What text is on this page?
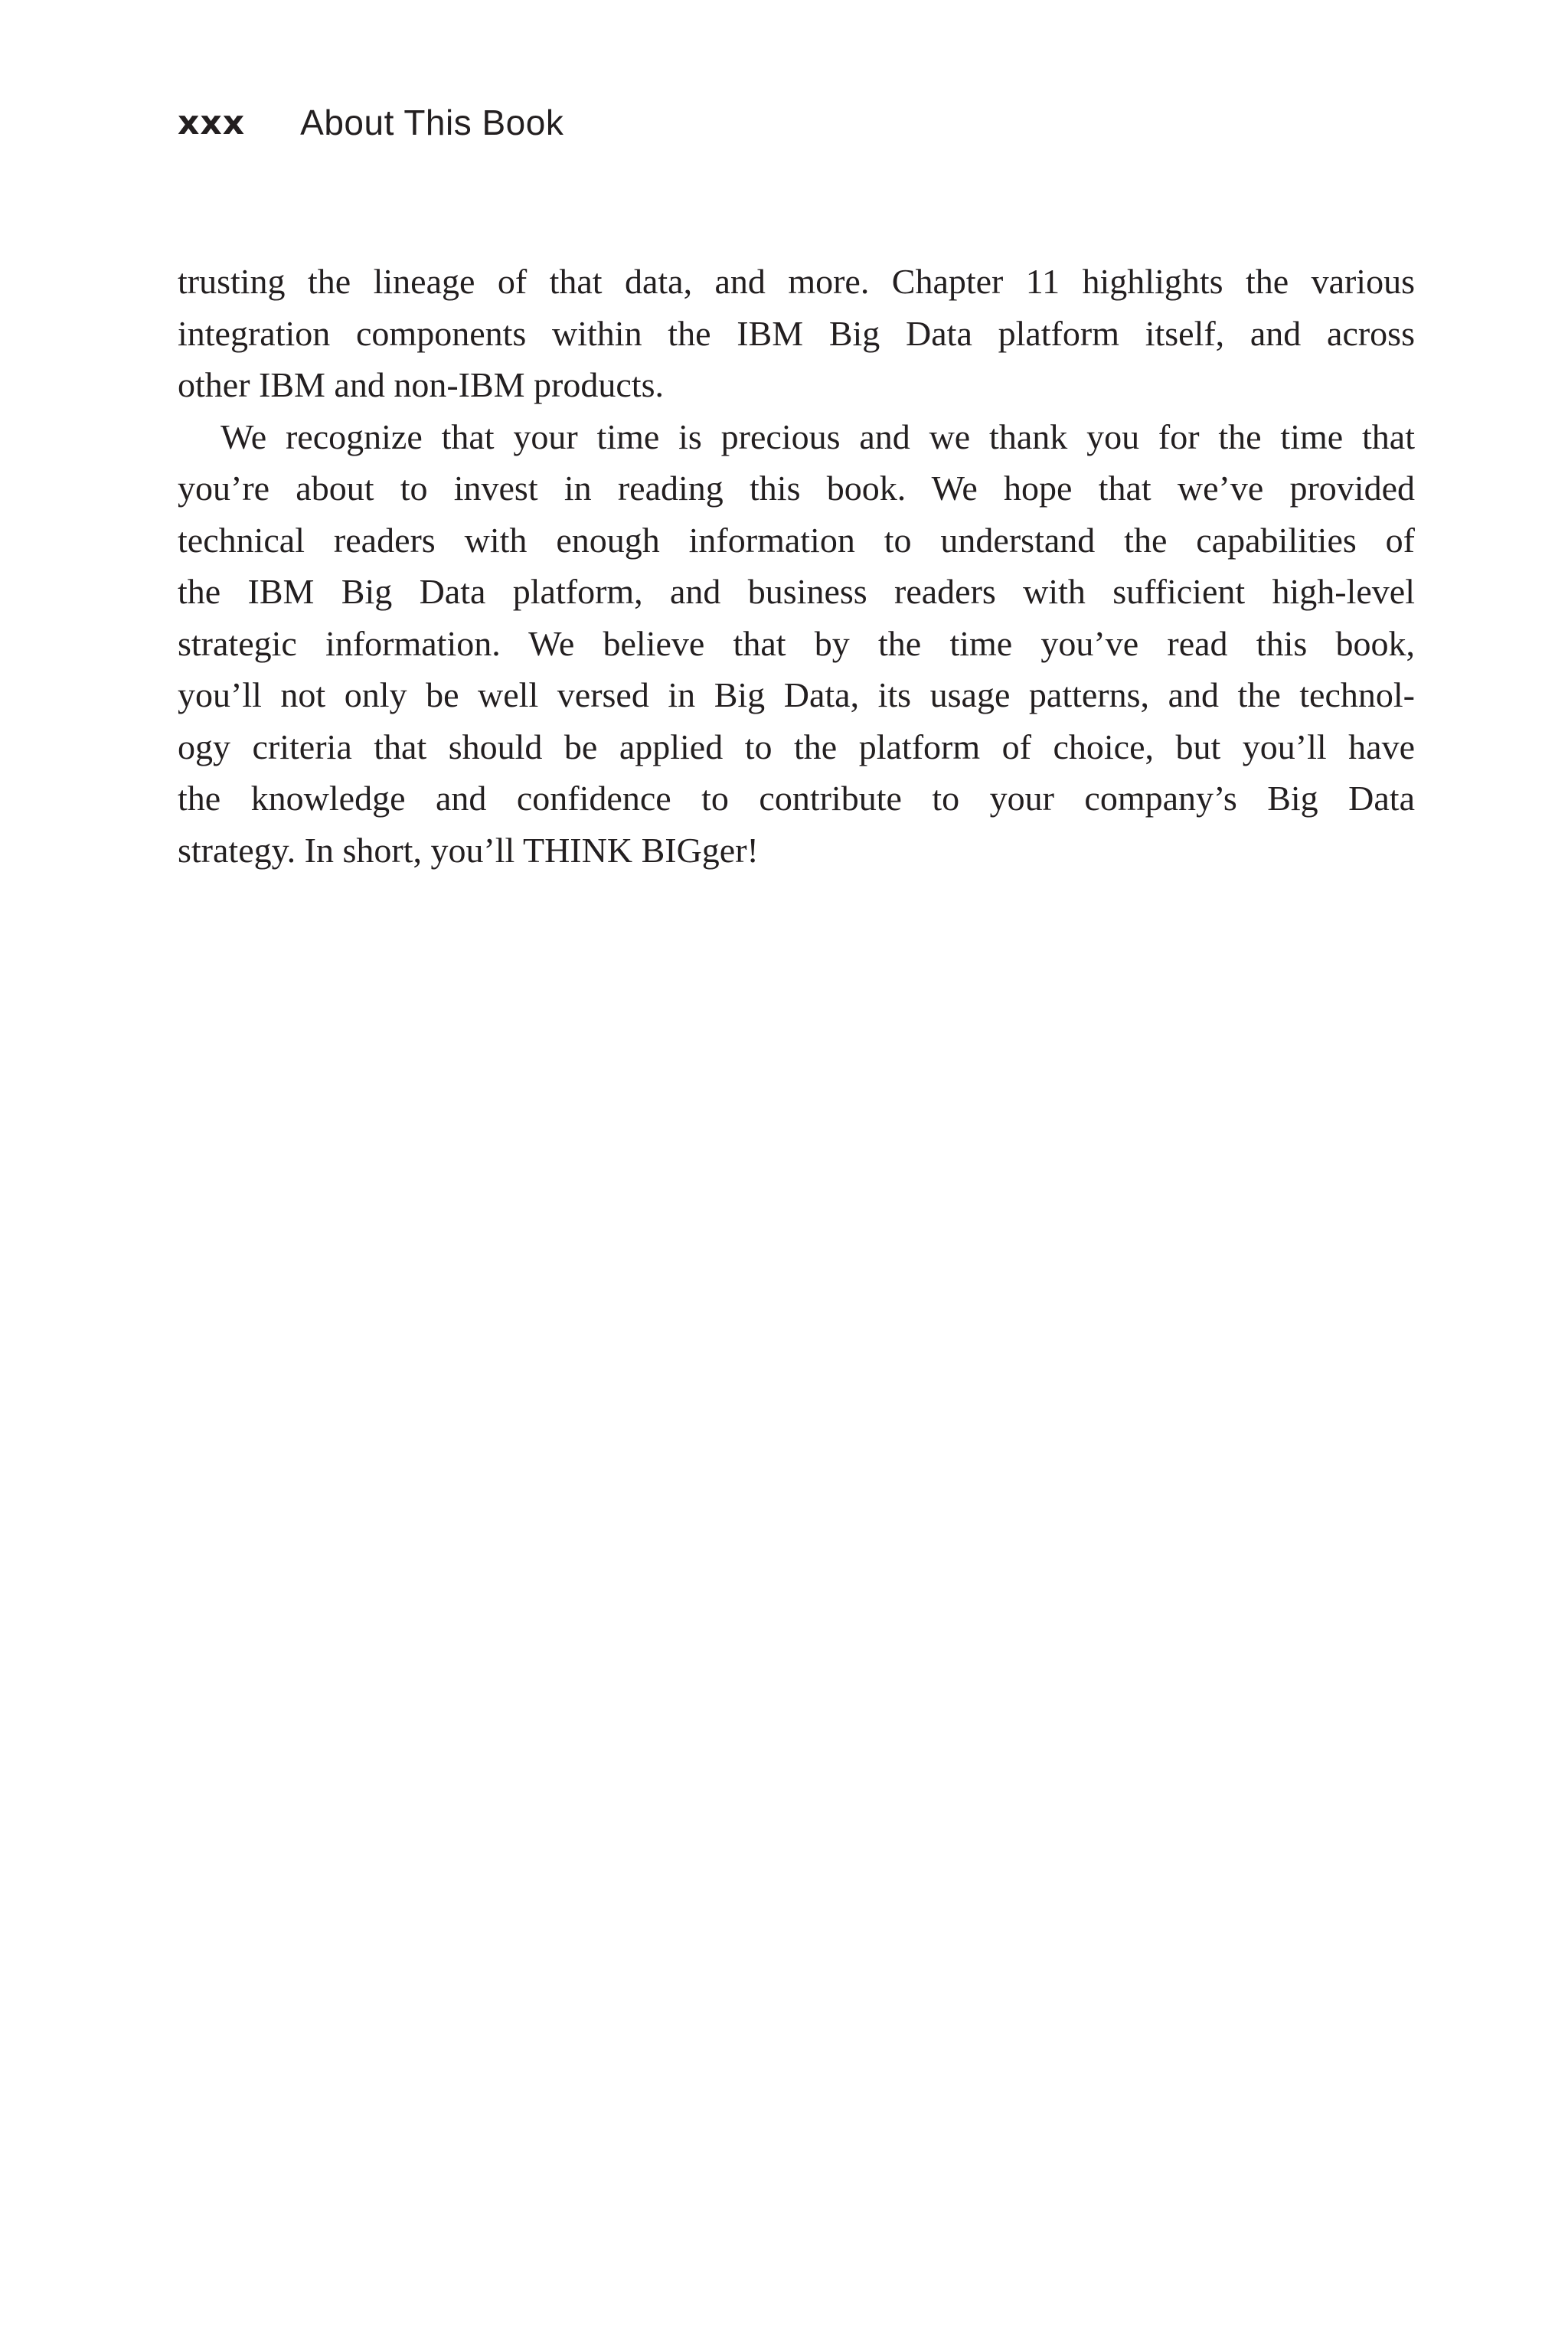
xxx About This Book

trusting the lineage of that data, and more. Chapter 11 highlights the various
integration components within the IBM Big Data platform itself, and across
other IBM and non-IBM products.

We recognize that your time is precious and we thank you for the time that
you’re about to invest in reading this book. We hope that we’ve provided
technical readers with enough information to understand the capabilities of
the IBM Big Data platform, and business readers with sufficient high-level
strategic information. We believe that by the time you’ve read this book,
you’ll not only be well versed in Big Data, its usage patterns, and the technol-
ogy criteria that should be applied to the platform of choice, but you’ll have
the knowledge and confidence to contribute to your company’s Big Data
strategy. In short, you’ll THINK BIGger!
